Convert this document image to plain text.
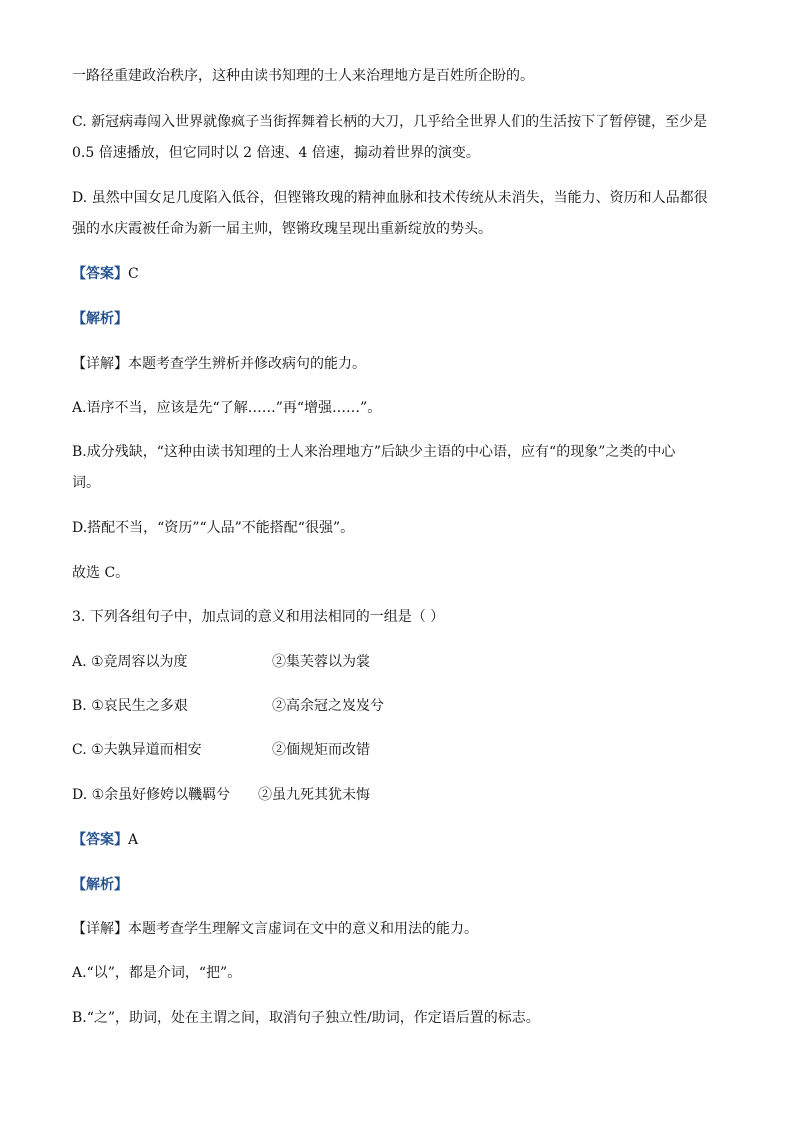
一路径重建政治秩序，这种由读书知理的士人来治理地方是百姓所企盼的。
C. 新冠病毒闯入世界就像疯子当街挥舞着长柄的大刀，几乎给全世界人们的生活按下了暂停键，至少是
0.5 倍速播放，但它同时以 2 倍速、4 倍速，搧动着世界的演变。
D. 虽然中国女足几度陷入低谷，但铿锵玫瑰的精神血脉和技术传统从未消失，当能力、资历和人品都很
强的水庆霞被任命为新一届主帅，铿锵玫瑰呈现出重新绽放的势头。
【答案】C
【解析】
【详解】本题考查学生辨析并修改病句的能力。
A.语序不当，应该是先“了解……”再“增强……”。
B.成分残缺，“这种由读书知理的士人来治理地方”后缺少主语的中心语，应有“的现象”之类的中心
词。
D.搭配不当，“资历”“人品”不能搭配“很强”。
故选 C。
3. 下列各组句子中，加点词的意义和用法相同的一组是（ ）
A. ①竞周容以为度	②集芙蓉以为裳
B. ①哀民生之多艰	②高余冠之岌岌兮
C. ①夫孰异道而相安	②偭规矩而改错
D. ①余虽好修姱以鞿羁兮 ②虽九死其犹未悔
【答案】A
【解析】
【详解】本题考查学生理解文言虚词在文中的意义和用法的能力。
A.“以”，都是介词，“把”。
B.“之”，助词，处在主谓之间，取消句子独立性/助词，作定语后置的标志。
